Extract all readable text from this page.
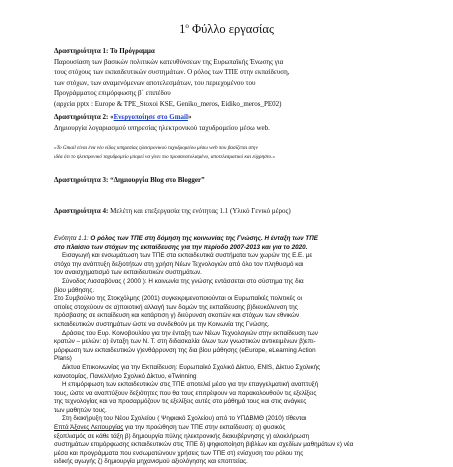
$1^o$ Φύλλο εργασίας
Δραστηριότητα 1: Το Πρόγραμμα
Παρουσίαση των βασικών πολιτικών κατευθύνσεων της Ευρωπαϊκής Ένωσης για
τους στόχους των εκπαιδευτικών συστημάτων. Ο ρόλος των ΤΠΕ στην εκπαίδευση,
των στόχων, των αναμενόμενων αποτελεσμάτων, του περιεχομένου του
Προγράμματος επιμόρφωσης β΄ επιπέδου
(αρχεία pptx : Europe & TPE_Stoxoi KSE, Geniko_meros, Eidiko_meros_PE02)
Δραστηριότητα 2: «Ενεργοποίησε στο Gmail»
Δημιουργία λογαριασμού υπηρεσίας ηλεκτρονικού ταχυδρομείου μέσω web.
«Το Gmail είναι ένα νέο είδος υπηρεσίας ηλεκτρονικού ταχυδρομείου μέσω web που βασίζεται στην
ιδέα ότι το ηλεκτρονικό ταχυδρομείο μπορεί να γίνει πιο προσανατολισμένο, αποτελεσματικό και εύχρηστο.»
Δραστηριότητα 3: “Δημιουργία Blog στο Blogger”
Δραστηριότητα 4: Μελέτη και επεξεργασία της ενότητας 1.1 (Υλικό Γενικό μέρος)

Ενότητα 1.1: Ο ρόλος των ΤΠΕ στη δόμηση της κοινωνίας της Γνώσης. Η ένταξη των ΤΠΕ

στο πλαίσιο των στόχων της εκπαίδευσης για την περίοδο 2007-2013 και για το 2020.

Εισαγωγή και ενσωμάτωση των ΤΠΕ στα εκπαιδευτικά συστήματα των χωρών της Ε.Ε. με

στόχο την ανάπτυξη δεξιοτήτων στη χρήση Νέων Τεχνολογιών από όλο τον πληθυσμό και

τον αναισχηματισμό των εκπαιδευτικών συστημάτων.

Σύνοδος Λισσαβόνας ( 2000 ): Η κοινωνία της γνώσης εντάσσεται στο σύστημα της δια

βίου μάθησης.

Στο Συμβούλιο της Στοκχόλμης (2001) συγκεκριμενοποιούνται οι Ευρωπαϊκές πολιτικές οι

οποίες στοχεύουν σε α)ποιοτική αλλαγή των δομών της εκπαίδευσης β)διευκόλυνση της

πρόσβασης σε εκπαίδευση και κατάρτιση γ) διεύρυνση σκοπών και στόχων των εθνικών

εκπαιδευτικών συστημάτων ώστε να συνδεθούν με την Κοινωνία της Γνώσης.

Δράσεις του Ευρ. Κοινοβουλίου για την ένταξη των Νέων Τεχνολογιών στην εκπαίδευση των

κρατών – μελών: α) ένταξη των Ν. Τ. στη διδασκαλία όλων των γνωστικών αντικειμένων β)επι-

μόρφωση των εκπαιδευτικών γ)ενθάρρυνση της δια βίου μάθησης (eEurope, eLearning Action

Plans)

Δίκτυα Επικοινωνίας για την Εκπαίδευση: Ευρωπαϊκό Σχολικό Δίκτυο, ENIS, Δίκτυο Σχολικής

καινοτομίας, Πανελλήνιο Σχολικό Δίκτυο, eTwinning

Η επιμόρφωση των εκπαιδευτικών στις ΤΠΕ αποτελεί μέσο για την επαγγελματική αναπτυξή

τους, ώστε να αναπτύξουν δεξιότητες που θα τους επιτρέψουν να παρακολουθούν τις εξελίξεις

της τεχνολογίας και να προσαρμόζουν τις εξελίξεις αυτές στο μάθημά τους και στις ανάγκες

των μαθητών τους.

Στη διακήρυξη του Νέου Σχολείου ( Ψηφιακό Σχολείου) από το ΥΠΔΒΜΘ (2010) τίθενται

Επτά Άξονες Λειτουργίας για την προώθηση των ΤΠΕ στην εκπαίδευση: α) φυσικός

εξοπλισμός σε κάθε τάξη β) δημιουργία πύλης ηλεκτρονικής διακυβέρνησης γ) αλοκλήρωση

συστημάτων επιμόρφωσης εκπαιδευτικών στις ΤΠΕ δ) ψηφιοποίηση βιβλίων και σχεδίων μαθημάτων ε) νέα

μέσα και προγράμματα που ενσωματώνουν χρήσεις των ΤΠΕ στ) ενίσχυση του ρόλου της

ειδικής αγωγής ζ) δημιουργία μηχανισμού αξιολόγησης και εποπτείας.
